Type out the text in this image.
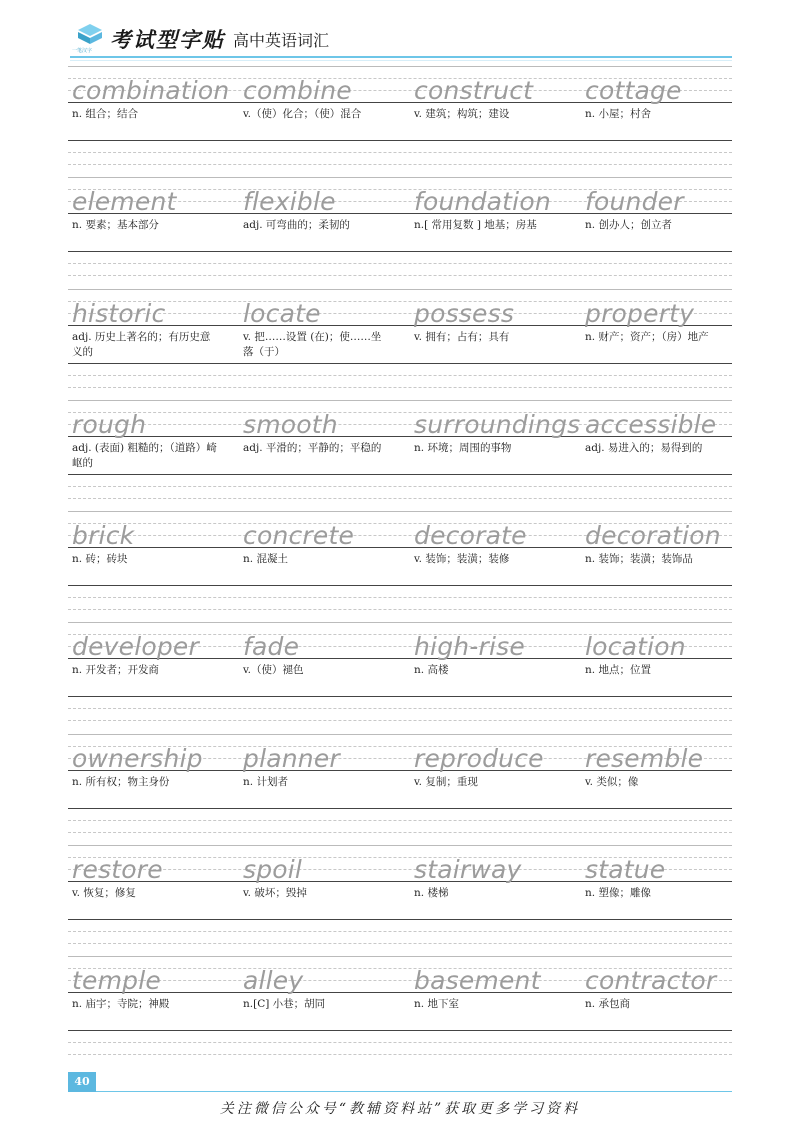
一笔汉字 考试型字贴 高中英语词汇
combination
n. 组合；结合
combine
v.（使）化合；（使）混合
construct
v. 建筑；构筑；建设
cottage
n. 小屋；村舍
element
n. 要素；基本部分
flexible
adj. 可弯曲的；柔韧的
foundation
n.[ 常用复数 ] 地基；房基
founder
n. 创办人；创立者
historic
adj. 历史上著名的；有历史意义的
locate
v. 把……设置 (在)；使……坐落（于）
possess
v. 拥有；占有；具有
property
n. 财产；资产；（房）地产
rough
adj. (表面) 粗糙的；（道路）崎岖的
smooth
adj. 平滑的；平静的；平稳的
surroundings
n. 环境；周围的事物
accessible
adj. 易进入的；易得到的
brick
n. 砖；砖块
concrete
n. 混凝土
decorate
v. 装饰；装潢；装修
decoration
n. 装饰；装潢；装饰品
developer
n. 开发者；开发商
fade
v.（使）褪色
high-rise
n. 高楼
location
n. 地点；位置
ownership
n. 所有权；物主身份
planner
n. 计划者
reproduce
v. 复制；重现
resemble
v. 类似；像
restore
v. 恢复；修复
spoil
v. 破坏；毁掉
stairway
n. 楼梯
statue
n. 塑像；雕像
temple
n. 庙宇；寺院；神殿
alley
n.[C] 小巷；胡同
basement
n. 地下室
contractor
n. 承包商
40
关注微信公众号“教辅资料站”获取更多学习资料
